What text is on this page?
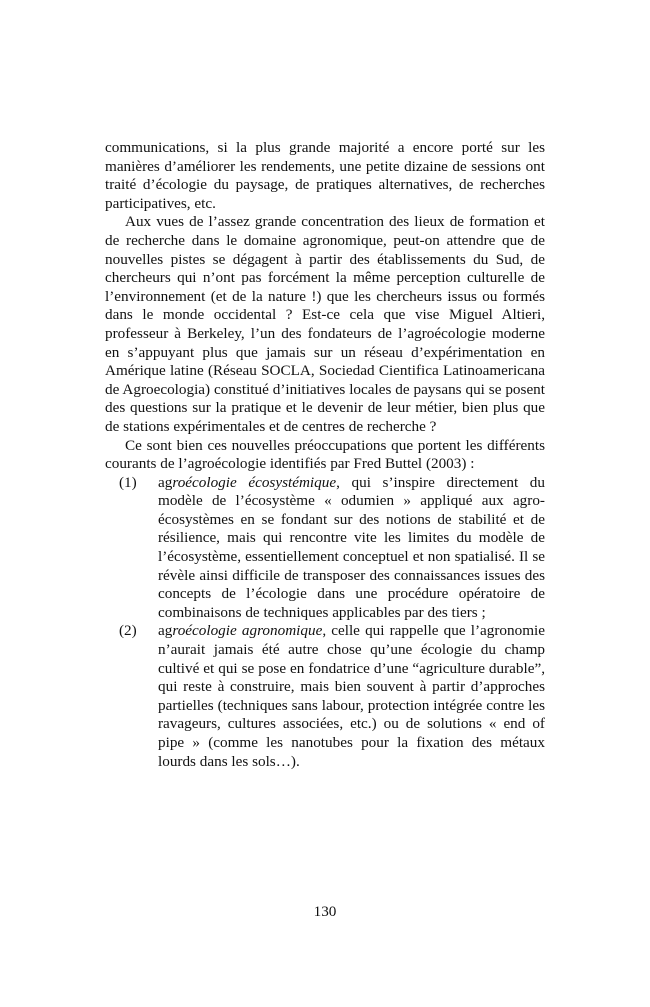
communications, si la plus grande majorité a encore porté sur les manières d’améliorer les rendements, une petite dizaine de sessions ont traité d’écologie du paysage, de pratiques alternatives, de recherches participatives, etc.

Aux vues de l’assez grande concentration des lieux de formation et de recherche dans le domaine agronomique, peut-on attendre que de nouvelles pistes se dégagent à partir des établissements du Sud, de chercheurs qui n’ont pas forcément la même perception culturelle de l’environnement (et de la nature !) que les chercheurs issus ou formés dans le monde occidental ? Est-ce cela que vise Miguel Altieri, professeur à Berkeley, l’un des fondateurs de l’agroécologie moderne en s’appuyant plus que jamais sur un réseau d’expérimentation en Amérique latine (Réseau SOCLA, Sociedad Cientifica Latinoamericana de Agroecologia) constitué d’initiatives locales de paysans qui se posent des questions sur la pratique et le devenir de leur métier, bien plus que de stations expérimentales et de centres de recherche ?

Ce sont bien ces nouvelles préoccupations que portent les différents courants de l’agroécologie identifiés par Fred Buttel (2003) :

(1) agroécologie écosystémique, qui s’inspire directement du modèle de l’écosystème « odumien » appliqué aux agro-écosystèmes en se fondant sur des notions de stabilité et de résilience, mais qui rencontre vite les limites du modèle de l’écosystème, essentiellement conceptuel et non spatialisé. Il se révèle ainsi difficile de transposer des connaissances issues des concepts de l’écologie dans une procédure opératoire de combinaisons de techniques applicables par des tiers ;
(2) agroécologie agronomique, celle qui rappelle que l’agronomie n’aurait jamais été autre chose qu’une écologie du champ cultivé et qui se pose en fondatrice d’une “agriculture durable”, qui reste à construire, mais bien souvent à partir d’approches partielles (techniques sans labour, protection intégrée contre les ravageurs, cultures associées, etc.) ou de solutions « end of pipe » (comme les nanotubes pour la fixation des métaux lourds dans les sols…).
130
